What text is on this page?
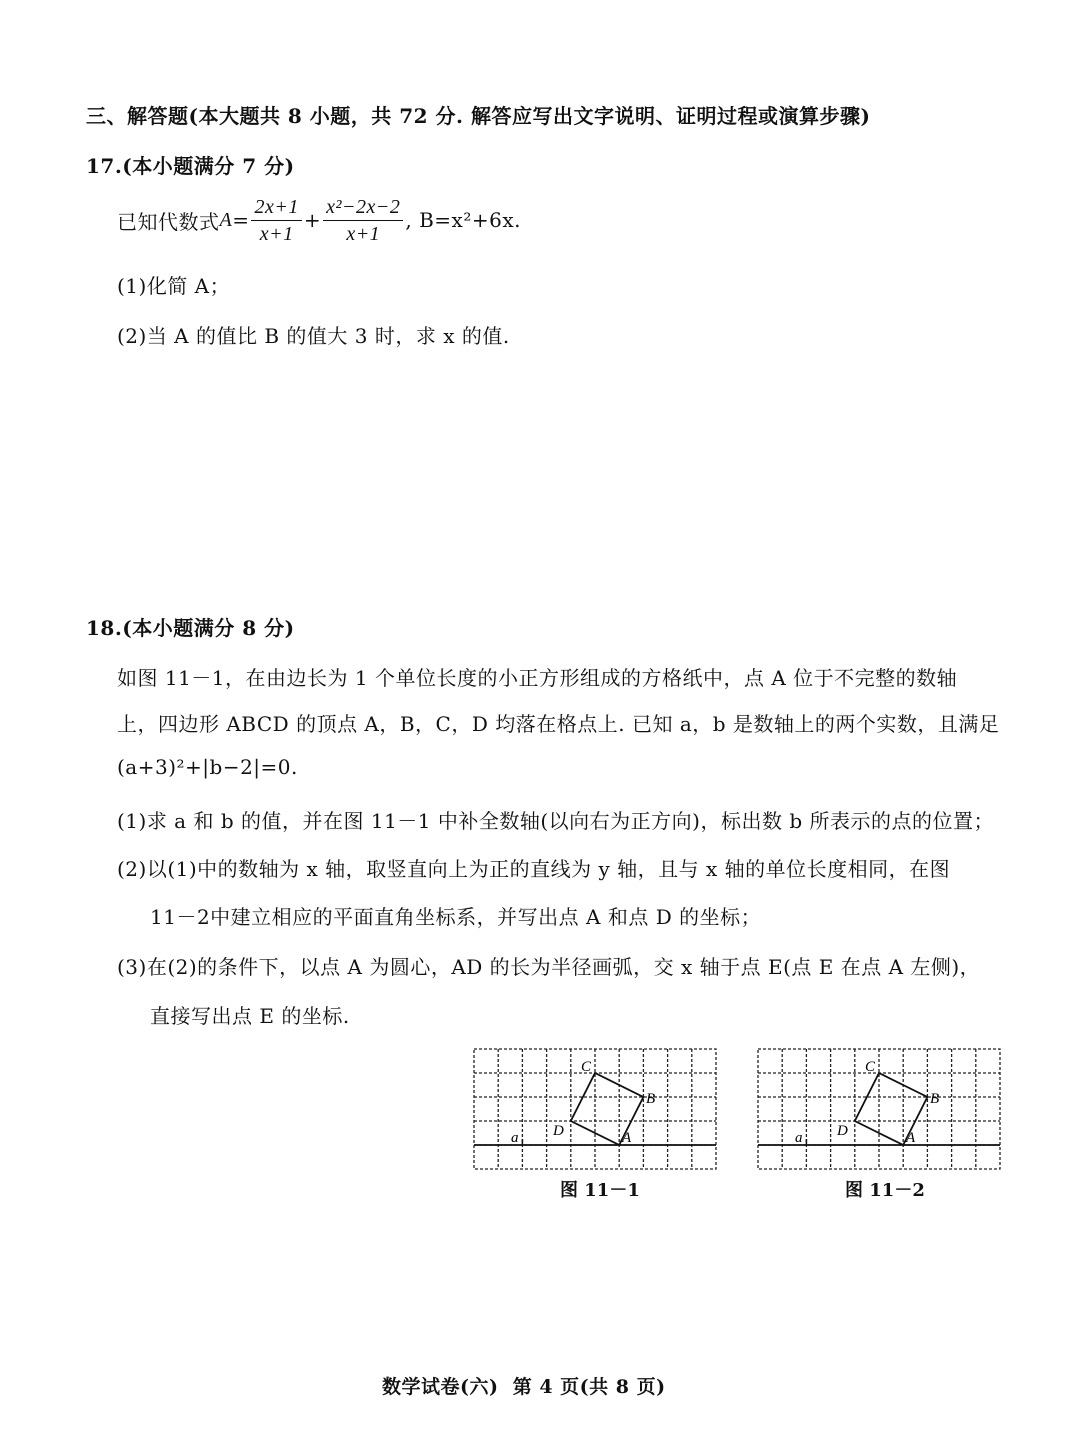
三、解答题(本大题共 8 小题，共 72 分. 解答应写出文字说明、证明过程或演算步骤)
17.(本小题满分 7 分)
已知代数式 $A = \frac{2x+1}{x+1} + \frac{\text{x²−2x−2}}{x+1}$ , B=x²+6x.
(1)化简 A；
(2)当 A 的值比 B 的值大 3 时，求 x 的值.
18.(本小题满分 8 分)
如图 11－1，在由边长为 1 个单位长度的小正方形组成的方格纸中，点 A 位于不完整的数轴
上，四边形 ABCD 的顶点 A，B，C，D 均落在格点上. 已知 a，b 是数轴上的两个实数，且满足
(a+3)²+|b−2|=0.
(1)求 a 和 b 的值，并在图 11－1 中补全数轴(以向右为正方向)，标出数 b 所表示的点的位置；
(2)以(1)中的数轴为 x 轴，取竖直向上为正的直线为 y 轴，且与 x 轴的单位长度相同，在图
11－2中建立相应的平面直角坐标系，并写出点 A 和点 D 的坐标；
(3)在(2)的条件下，以点 A 为圆心，AD 的长为半径画弧，交 x 轴于点 E(点 E 在点 A 左侧)，
直接写出点 E 的坐标.
C
B
D	A
a
图 11－1
C
B
D	A
a
图 11－2
数学试卷(六)  第 4 页(共 8 页)
